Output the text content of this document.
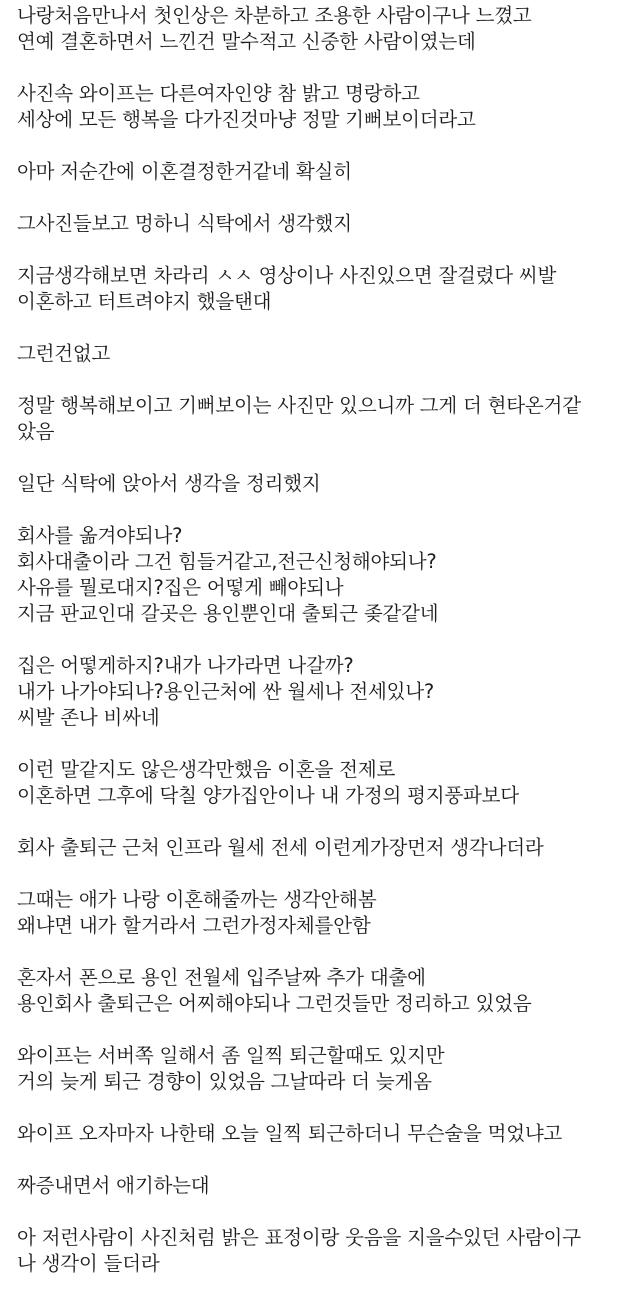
나랑처음만나서 첫인상은 차분하고 조용한 사람이구나 느꼈고
연예 결혼하면서 느낀건 말수적고 신중한 사람이였는데
사진속 와이프는 다른여자인양 참 밝고 명랑하고
세상에 모든 행복을 다가진것마냥 정말 기뻐보이더라고
아마 저순간에 이혼결정한거같네 확실히
그사진들보고 멍하니 식탁에서 생각했지
지금생각해보면 차라리 ㅅㅅ 영상이나 사진있으면 잘걸렸다 씨발
이혼하고 터트려야지 했을탠대
그런건없고
정말 행복해보이고 기뻐보이는 사진만 있으니까 그게 더 현타온거같
았음
일단 식탁에 앉아서 생각을 정리했지
회사를 옮겨야되나?
회사대출이라 그건 힘들거같고,전근신청해야되나?
사유를 뭘로대지?집은 어떻게 빼야되나
지금 판교인대 갈곳은 용인뿐인대 출퇴근 좆같같네
집은 어떻게하지?내가 나가라면 나갈까?
내가 나가야되나?용인근처에 싼 월세나 전세있나?
씨발 존나 비싸네
이런 말같지도 않은생각만했음 이혼을 전제로
이혼하면 그후에 닥칠 양가집안이나 내 가정의 평지풍파보다
회사 출퇴근 근처 인프라 월세 전세 이런게가장먼저 생각나더라
그때는 애가 나랑 이혼해줄까는 생각안해봄
왜냐면 내가 할거라서 그런가정자체를안함
혼자서 폰으로 용인 전월세 입주날짜 추가 대출에
용인회사 출퇴근은 어찌해야되나 그런것들만 정리하고 있었음
와이프는 서버쪽 일해서 좀 일찍 퇴근할때도 있지만
거의 늦게 퇴근 경향이 있었음 그날따라 더 늦게옴
와이프 오자마자 나한태 오늘 일찍 퇴근하더니 무슨술을 먹었냐고
짜증내면서 애기하는대
아 저런사람이 사진처럼 밝은 표정이랑 웃음을 지을수있던 사람이구
나 생각이 들더라
